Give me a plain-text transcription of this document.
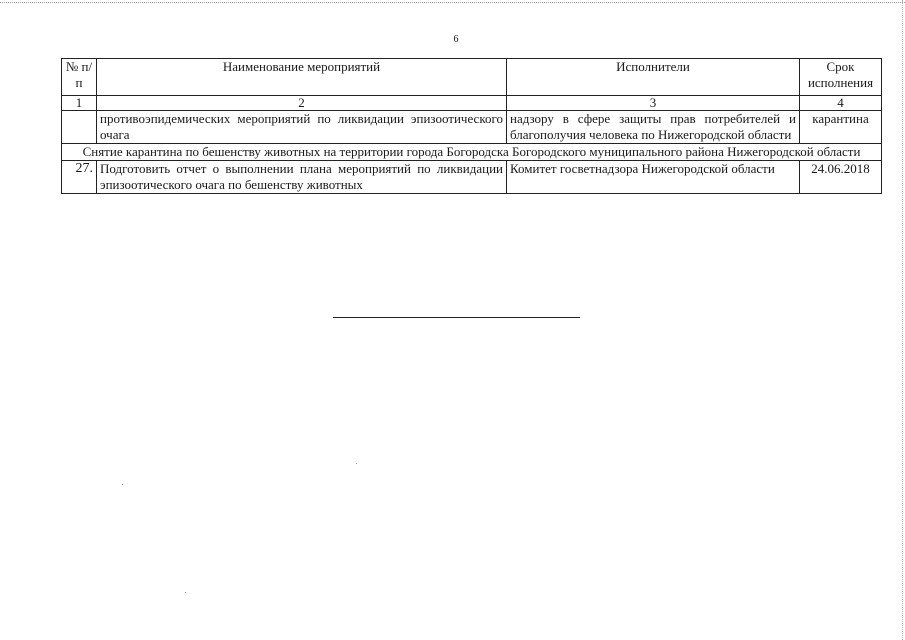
6
№ п/п	Наименование мероприятий	Исполнители	Срок исполнения
1	2	3	4
	противоэпидемических мероприятий по ликвидации эпизоотического очага	надзору в сфере защиты прав потребителей и благополучия человека по Нижегородской области	карантина
Снятие карантина по бешенству животных на территории города Богородска Богородского муниципального района Нижегородской области			
27.	Подготовить отчет о выполнении плана мероприятий по ликвидации эпизоотического очага по бешенству животных	Комитет госветнадзора Нижегородской области	24.06.2018
